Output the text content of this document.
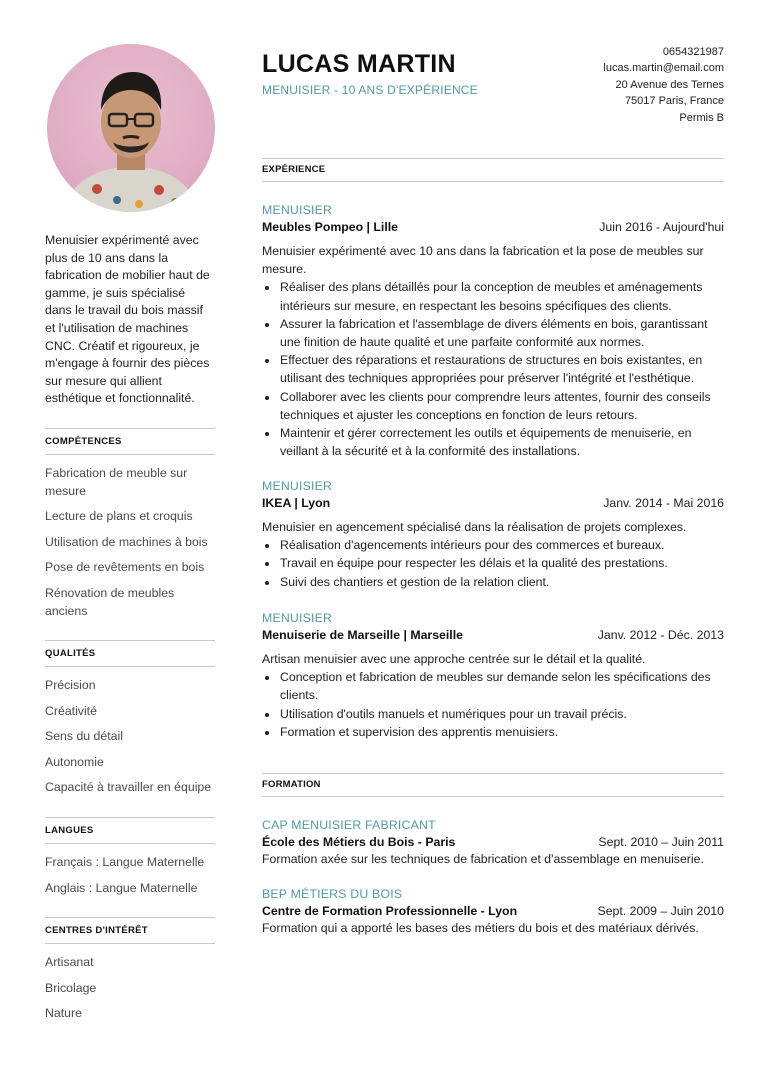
Menuisier expérimenté avec plus de 10 ans dans la fabrication de mobilier haut de gamme, je suis spécialisé dans le travail du bois massif et l'utilisation de machines CNC. Créatif et rigoureux, je m'engage à fournir des pièces sur mesure qui allient esthétique et fonctionnalité.
COMPÉTENCES
Fabrication de meuble sur mesure
Lecture de plans et croquis
Utilisation de machines à bois
Pose de revêtements en bois
Rénovation de meubles anciens
QUALITÉS
Précision
Créativité
Sens du détail
Autonomie
Capacité à travailler en équipe
LANGUES
Français : Langue Maternelle
Anglais : Langue Maternelle
CENTRES D'INTÉRÊT
Artisanat
Bricolage
Nature
LUCAS MARTIN
MENUISIER - 10 ANS D'EXPÉRIENCE
0654321987
lucas.martin@email.com
20 Avenue des Ternes
75017 Paris, France
Permis B
EXPÉRIENCE
MENUISIER
Meubles Pompeo | Lille	Juin 2016 - Aujourd'hui
Menuisier expérimenté avec 10 ans dans la fabrication et la pose de meubles sur mesure.
• Réaliser des plans détaillés pour la conception de meubles et aménagements intérieurs sur mesure, en respectant les besoins spécifiques des clients.
• Assurer la fabrication et l'assemblage de divers éléments en bois, garantissant une finition de haute qualité et une parfaite conformité aux normes.
• Effectuer des réparations et restaurations de structures en bois existantes, en utilisant des techniques appropriées pour préserver l'intégrité et l'esthétique.
• Collaborer avec les clients pour comprendre leurs attentes, fournir des conseils techniques et ajuster les conceptions en fonction de leurs retours.
• Maintenir et gérer correctement les outils et équipements de menuiserie, en veillant à la sécurité et à la conformité des installations.
MENUISIER
IKEA | Lyon	Janv. 2014 - Mai 2016
Menuisier en agencement spécialisé dans la réalisation de projets complexes.
• Réalisation d'agencements intérieurs pour des commerces et bureaux.
• Travail en équipe pour respecter les délais et la qualité des prestations.
• Suivi des chantiers et gestion de la relation client.
MENUISIER
Menuiserie de Marseille | Marseille	Janv. 2012 - Déc. 2013
Artisan menuisier avec une approche centrée sur le détail et la qualité.
• Conception et fabrication de meubles sur demande selon les spécifications des clients.
• Utilisation d'outils manuels et numériques pour un travail précis.
• Formation et supervision des apprentis menuisiers.
FORMATION
CAP MENUISIER FABRICANT
École des Métiers du Bois - Paris	Sept. 2010 – Juin 2011
Formation axée sur les techniques de fabrication et d'assemblage en menuiserie.
BEP MÉTIERS DU BOIS
Centre de Formation Professionnelle - Lyon	Sept. 2009 – Juin 2010
Formation qui a apporté les bases des métiers du bois et des matériaux dérivés.
